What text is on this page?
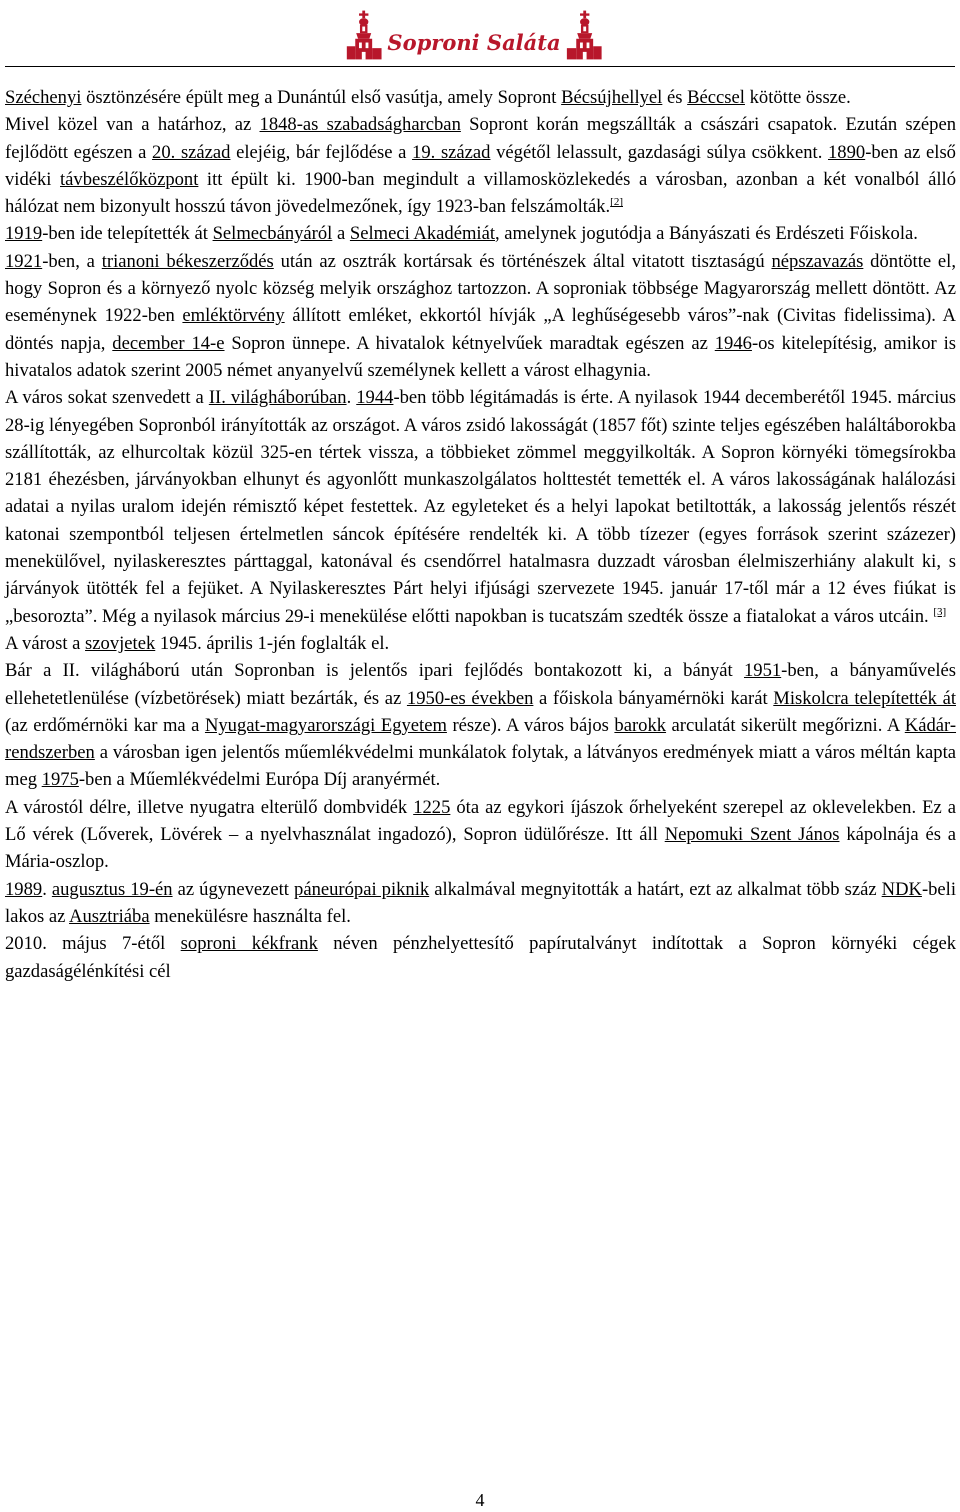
Soproni Saláta

Széchenyi ösztönzésére épült meg a Dunántúl első vasútja, amely Sopront Bécsújhellyel és Béccsel kötötte össze.

Mivel közel van a határhoz, az 1848-as szabadságharcban Sopront korán megszállták a császári csapatok. Ezután szépen fejlődött egészen a 20. század elejéig, bár fejlődése a 19. század végétől lelassult, gazdasági súlya csökkent. 1890-ben az első vidéki távbeszélőközpont itt épült ki. 1900-ban megindult a villamosközlekedés a városban, azonban a két vonalból álló hálózat nem bizonyult hosszú távon jövedelmezőnek, így 1923-ban felszámolták.[2]

1919-ben ide telepítették át Selmecbányáról a Selmeci Akadémiát, amelynek jogutódja a Bányászati és Erdészeti Főiskola.

1921-ben, a trianoni békeszerződés után az osztrák kortársak és történészek által vitatott tisztaságú népszavazás döntötte el, hogy Sopron és a környező nyolc község melyik országhoz tartozzon. A soproniak többsége Magyarország mellett döntött. Az eseménynek 1922-ben emléktörvény állított emléket, ekkortól hívják „A leghűségesebb város”-nak (Civitas fidelissima). A döntés napja, december 14-e Sopron ünnepe. A hivatalok kétnyelvűek maradtak egészen az 1946-os kitelepítésig, amikor is hivatalos adatok szerint 2005 német anyanyelvű személynek kellett a várost elhagynia.

A város sokat szenvedett a II. világháborúban. 1944-ben több légitámadás is érte. A nyilasok 1944 decemberétől 1945. március 28-ig lényegében Sopronból irányították az országot. A város zsidó lakosságát (1857 főt) szinte teljes egészében haláltáborokba szállították, az elhurcoltak közül 325-en tértek vissza, a többieket zömmel meggyilkolták. A Sopron környéki tömegsírokba 2181 éhezésben, járványokban elhunyt és agyonlőtt munkaszolgálatos holttestét temették el. A város lakosságának halálozási adatai a nyilas uralom idején rémisztő képet festettek. Az egyleteket és a helyi lapokat betiltották, a lakosság jelentős részét katonai szempontból teljesen értelmetlen sáncok építésére rendelték ki. A több tízezer (egyes források szerint százezer) menekülővel, nyilaskeresztes párttaggal, katonával és csendőrrel hatalmasra duzzadt városban élelmiszerhiány alakult ki, s járványok ütötték fel a fejüket. A Nyilaskeresztes Párt helyi ifjúsági szervezete 1945. január 17-től már a 12 éves fiúkat is „besorozta”. Még a nyilasok március 29-i menekülése előtti napokban is tucatszám szedték össze a fiatalokat a város utcáin. [3]

A várost a szovjetek 1945. április 1-jén foglalták el.

Bár a II. világháború után Sopronban is jelentős ipari fejlődés bontakozott ki, a bányát 1951-ben, a bányaművelés ellehetetlenülése (vízbetörések) miatt bezárták, és az 1950-es években a főiskola bányamérnöki karát Miskolcra telepítették át (az erdőmérnöki kar ma a Nyugat-magyarországi Egyetem része). A város bájos barokk arculatát sikerült megőrizni. A Kádár-rendszerben a városban igen jelentős műemlékvédelmi munkálatok folytak, a látványos eredmények miatt a város méltán kapta meg 1975-ben a Műemlékvédelmi Európa Díj aranyérmét.

A várostól délre, illetve nyugatra elterülő dombvidék 1225 óta az egykori íjászok őrhelyeként szerepel az oklevelekben. Ez a Lő vérek (Lőverek, Lövérek – a nyelvhasználat ingadozó), Sopron üdülőrésze. Itt áll Nepomuki Szent János kápolnája és a Mária-oszlop.

1989. augusztus 19-én az úgynevezett páneurópai piknik alkalmával megnyitották a határt, ezt az alkalmat több száz NDK-beli lakos az Ausztriába menekülésre használta fel.

2010. május 7-étől soproni kékfrank néven pénzhelyettesítő papírutalványt indítottak a Sopron környéki cégek gazdaságélénkítési cél

4
